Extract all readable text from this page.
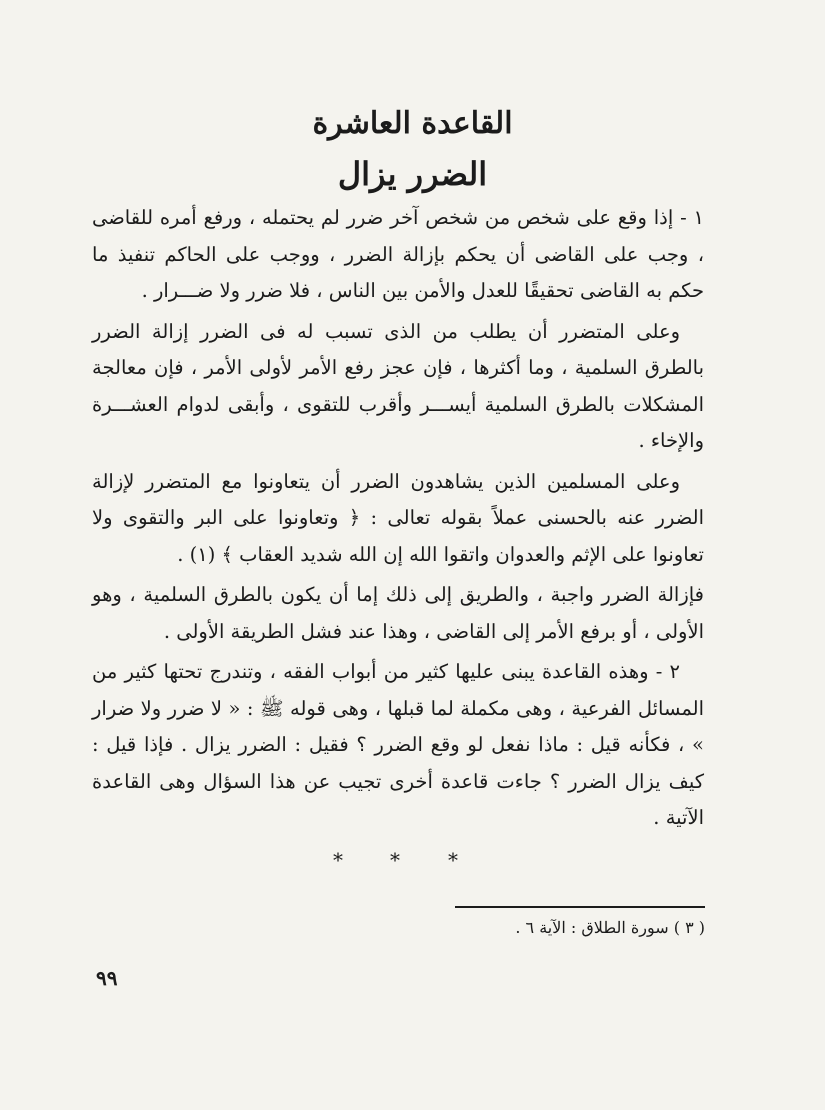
القاعدة العاشرة
الضرر يزال

١ - إذا وقع على شخص من شخص آخر ضرر لم يحتمله ، ورفع أمره للقاضى ، وجب على القاضى أن يحكم بإزالة الضرر ، ووجب على الحاكم تنفيذ ما حكم به القاضى تحقيقًا للعدل والأمن بين الناس ، فلا ضرر ولا ضـــرار .

وعلى المتضرر أن يطلب من الذى تسبب له فى الضرر إزالة الضرر بالطرق السلمية ، وما أكثرها ، فإن عجز رفع الأمر لأولى الأمر ، فإن معالجة المشكلات بالطرق السلمية أيســـر وأقرب للتقوى ، وأبقى لدوام العشـــرة والإخاء .

وعلى المسلمين الذين يشاهدون الضرر أن يتعاونوا مع المتضرر لإزالة الضرر عنه بالحسنى عملاً بقوله تعالى : ﴿ وتعاونوا على البر والتقوى ولا تعاونوا على الإثم والعدوان واتقوا الله إن الله شديد العقاب ﴾ (١) .

فإزالة الضرر واجبة ، والطريق إلى ذلك إما أن يكون بالطرق السلمية ، وهو الأولى ، أو برفع الأمر إلى القاضى ، وهذا عند فشل الطريقة الأولى .

٢ - وهذه القاعدة يبنى عليها كثير من أبواب الفقه ، وتندرج تحتها كثير من المسائل الفرعية ، وهى مكملة لما قبلها ، وهى قوله ﷺ : « لا ضرر ولا ضرار » ، فكأنه قيل : ماذا نفعل لو وقع الضرر ؟ فقيل : الضرر يزال . فإذا قيل : كيف يزال الضرر ؟ جاءت قاعدة أخرى تجيب عن هذا السؤال وهى القاعدة الآتية .

* * *
( ٣ ) سورة الطلاق : الآية ٦ .
٩٩
